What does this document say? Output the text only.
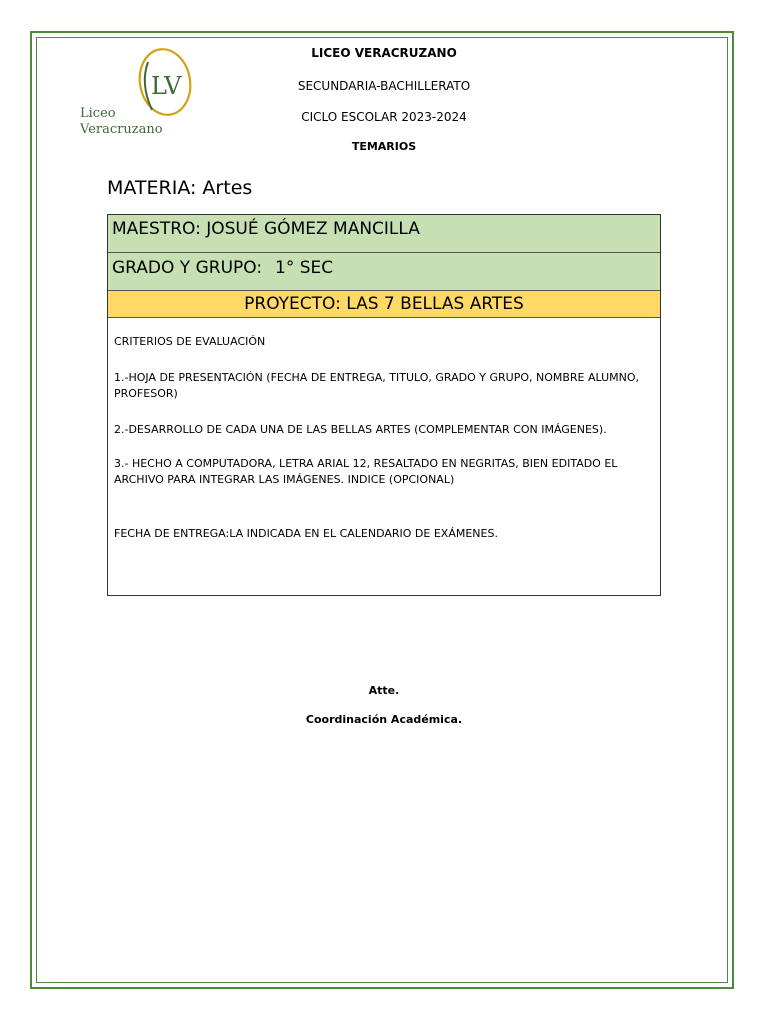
LV
Liceo
Veracruzano
LICEO VERACRUZANO
SECUNDARIA-BACHILLERATO
CICLO ESCOLAR 2023-2024
TEMARIOS
MATERIA: Artes
MAESTRO: JOSUÉ GÓMEZ MANCILLA
GRADO Y GRUPO: 1° SEC
PROYECTO: LAS 7 BELLAS ARTES
CRITERIOS DE EVALUACIÓN
1.-HOJA DE PRESENTACIÓN (FECHA DE ENTREGA, TITULO, GRADO Y GRUPO, NOMBRE ALUMNO, PROFESOR)
2.-DESARROLLO DE CADA UNA DE LAS BELLAS ARTES (COMPLEMENTAR CON IMÁGENES).
3.- HECHO A COMPUTADORA, LETRA ARIAL 12, RESALTADO EN NEGRITAS, BIEN EDITADO EL ARCHIVO PARA INTEGRAR LAS IMÁGENES. INDICE (OPCIONAL)
FECHA DE ENTREGA:LA INDICADA EN EL CALENDARIO DE EXÁMENES.
Atte.
Coordinación Académica.
